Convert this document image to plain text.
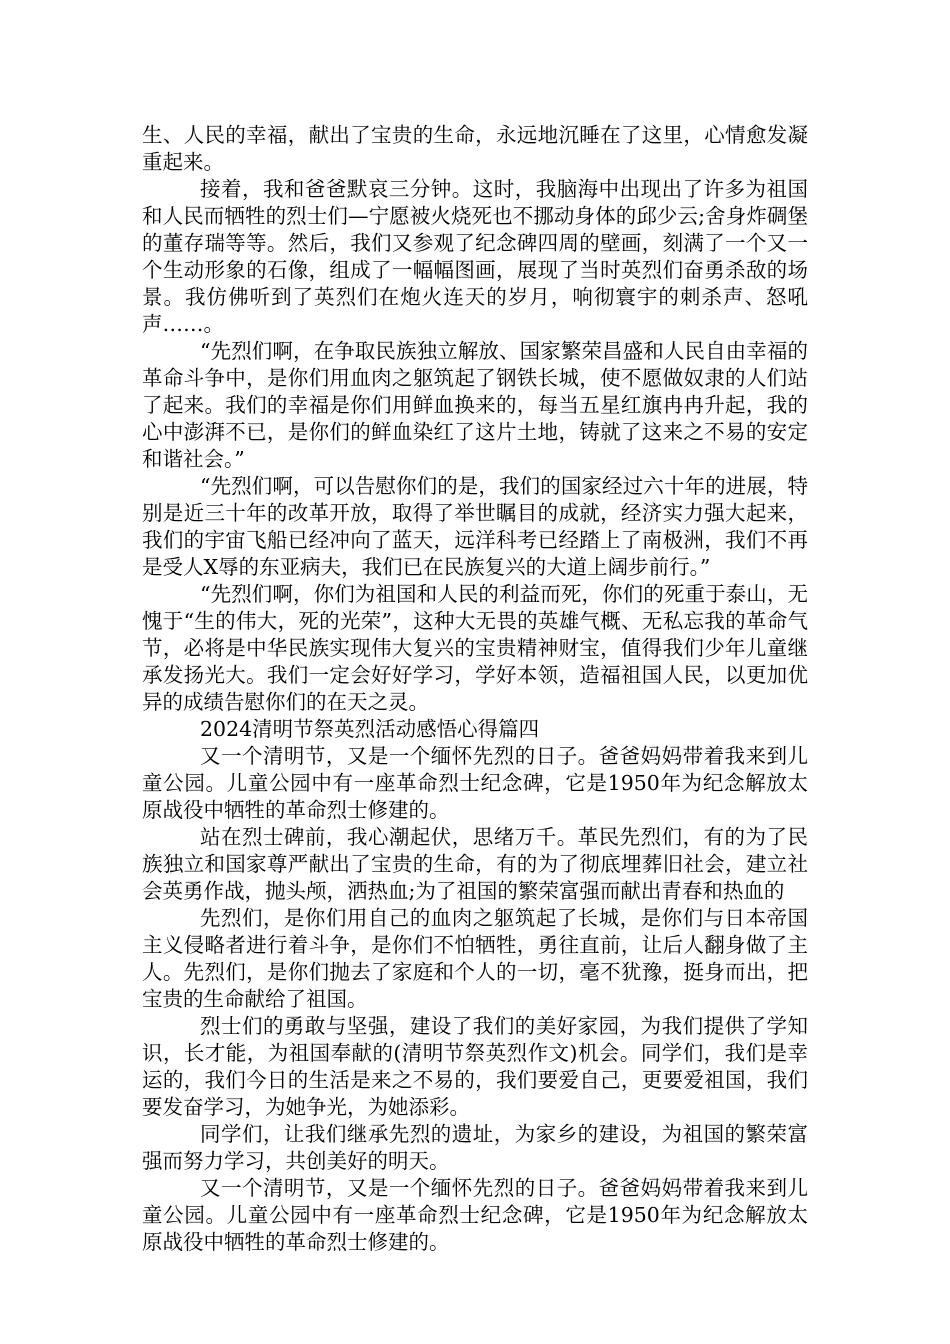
生、人民的幸福，献出了宝贵的生命，永远地沉睡在了这里，心情愈发凝重起来。

接着，我和爸爸默哀三分钟。这时，我脑海中出现出了许多为祖国和人民而牺牲的烈士们—宁愿被火烧死也不挪动身体的邱少云;舍身炸碉堡的董存瑞等等。然后，我们又参观了纪念碑四周的壁画，刻满了一个又一个生动形象的石像，组成了一幅幅图画，展现了当时英烈们奋勇杀敌的场景。我仿佛听到了英烈们在炮火连天的岁月，响彻寰宇的刺杀声、怒吼声……。

“先烈们啊，在争取民族独立解放、国家繁荣昌盛和人民自由幸福的革命斗争中，是你们用血肉之躯筑起了钢铁长城，使不愿做奴隶的人们站了起来。我们的幸福是你们用鲜血换来的，每当五星红旗冉冉升起，我的心中澎湃不已，是你们的鲜血染红了这片土地，铸就了这来之不易的安定和谐社会。”

“先烈们啊，可以告慰你们的是，我们的国家经过六十年的进展，特别是近三十年的改革开放，取得了举世瞩目的成就，经济实力强大起来，我们的宇宙飞船已经冲向了蓝天，远洋科考已经踏上了南极洲，我们不再是受人X辱的东亚病夫，我们已在民族复兴的大道上阔步前行。”

“先烈们啊，你们为祖国和人民的利益而死，你们的死重于泰山，无愧于“生的伟大，死的光荣”，这种大无畏的英雄气概、无私忘我的革命气节，必将是中华民族实现伟大复兴的宝贵精神财宝，值得我们少年儿童继承发扬光大。我们一定会好好学习，学好本领，造福祖国人民，以更加优异的成绩告慰你们的在天之灵。

2024清明节祭英烈活动感悟心得篇四

又一个清明节，又是一个缅怀先烈的日子。爸爸妈妈带着我来到儿童公园。儿童公园中有一座革命烈士纪念碑，它是1950年为纪念解放太原战役中牺牲的革命烈士修建的。

站在烈士碑前，我心潮起伏，思绪万千。革民先烈们，有的为了民族独立和国家尊严献出了宝贵的生命，有的为了彻底埋葬旧社会，建立社会英勇作战，抛头颅，洒热血;为了祖国的繁荣富强而献出青春和热血的

先烈们，是你们用自己的血肉之躯筑起了长城，是你们与日本帝国主义侵略者进行着斗争，是你们不怕牺牲，勇往直前，让后人翻身做了主人。先烈们，是你们抛去了家庭和个人的一切，毫不犹豫，挺身而出，把宝贵的生命献给了祖国。

烈士们的勇敢与坚强，建设了我们的美好家园，为我们提供了学知识，长才能，为祖国奉献的(清明节祭英烈作文)机会。同学们，我们是幸运的，我们今日的生活是来之不易的，我们要爱自己，更要爱祖国，我们要发奋学习，为她争光，为她添彩。

同学们，让我们继承先烈的遗址，为家乡的建设，为祖国的繁荣富强而努力学习，共创美好的明天。

又一个清明节，又是一个缅怀先烈的日子。爸爸妈妈带着我来到儿童公园。儿童公园中有一座革命烈士纪念碑，它是1950年为纪念解放太原战役中牺牲的革命烈士修建的。
